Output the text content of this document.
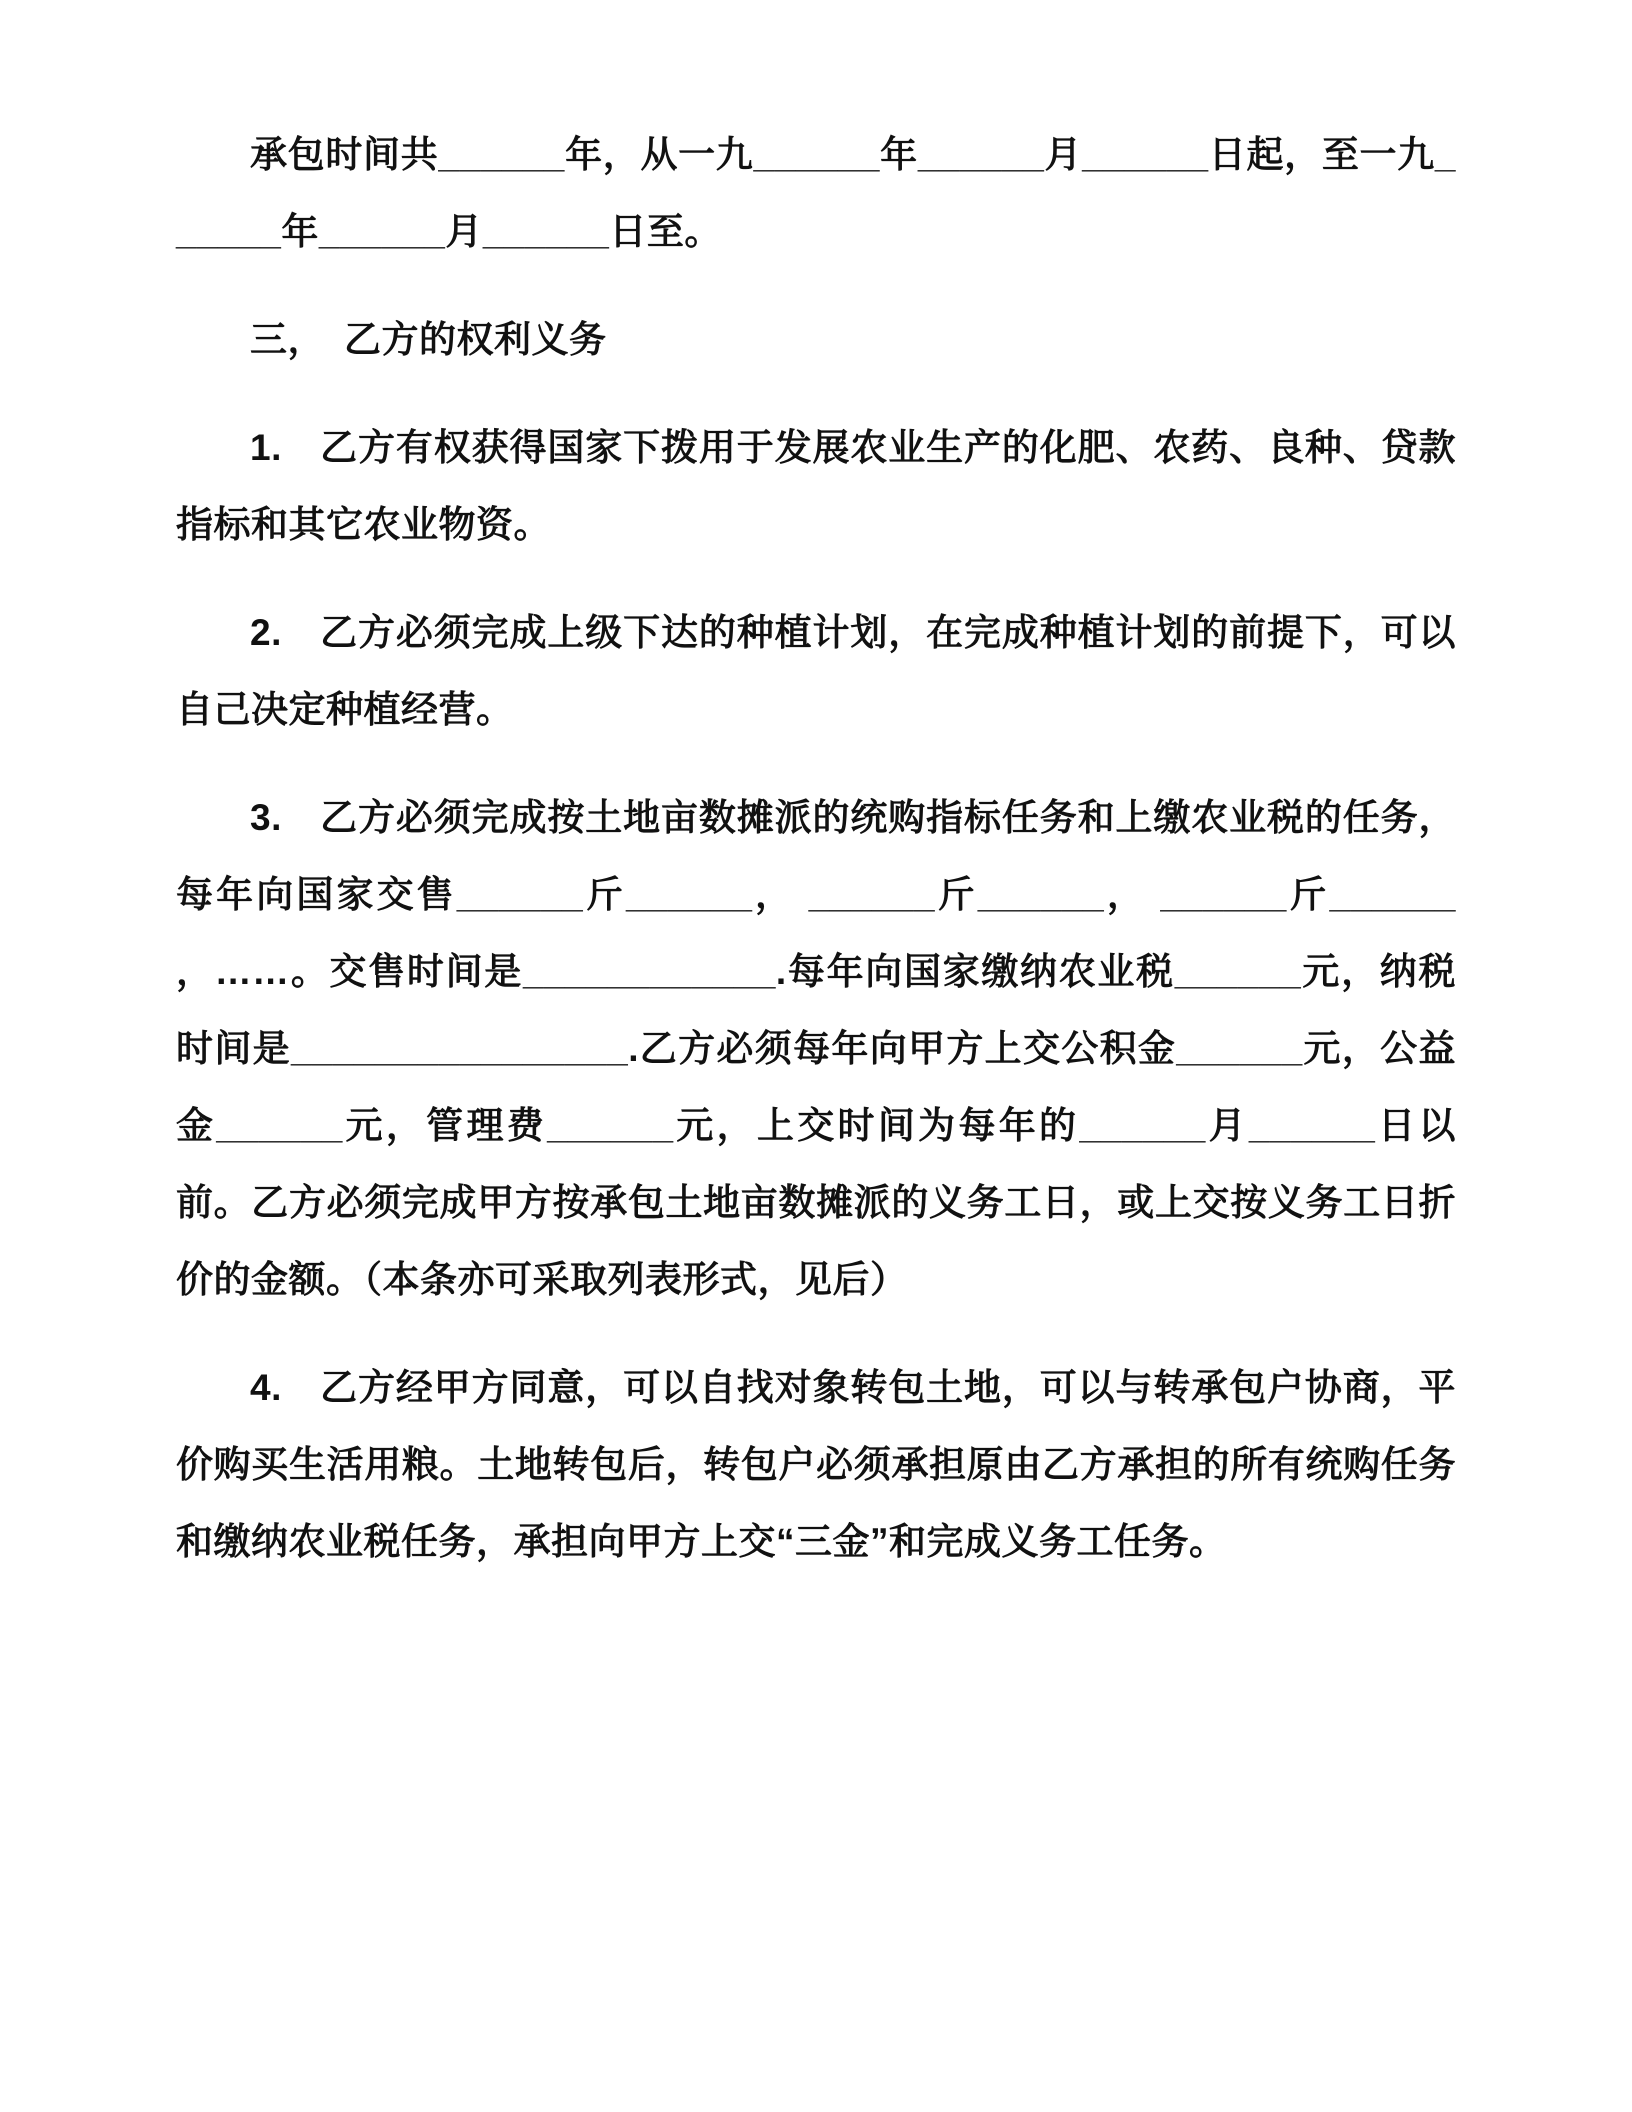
承包时间共______年，从一九______年______月______日起，至一九______年______月______日至。

三，　乙方的权利义务

1.　乙方有权获得国家下拨用于发展农业生产的化肥、农药、良种、贷款指标和其它农业物资。

2.　乙方必须完成上级下达的种植计划，在完成种植计划的前提下，可以自己决定种植经营。

3.　乙方必须完成按土地亩数摊派的统购指标任务和上缴农业税的任务，每年向国家交售______斤______， ______斤______， ______斤______ ，……。交售时间是____________.每年向国家缴纳农业税______元，纳税时间是________________.乙方必须每年向甲方上交公积金______元，公益金______元，管理费______元，上交时间为每年的______月______日以前。乙方必须完成甲方按承包土地亩数摊派的义务工日，或上交按义务工日折价的金额。（本条亦可采取列表形式，见后）

4.　乙方经甲方同意，可以自找对象转包土地，可以与转承包户协商，平价购买生活用粮。土地转包后，转包户必须承担原由乙方承担的所有统购任务和缴纳农业税任务，承担向甲方上交“三金”和完成义务工任务。
